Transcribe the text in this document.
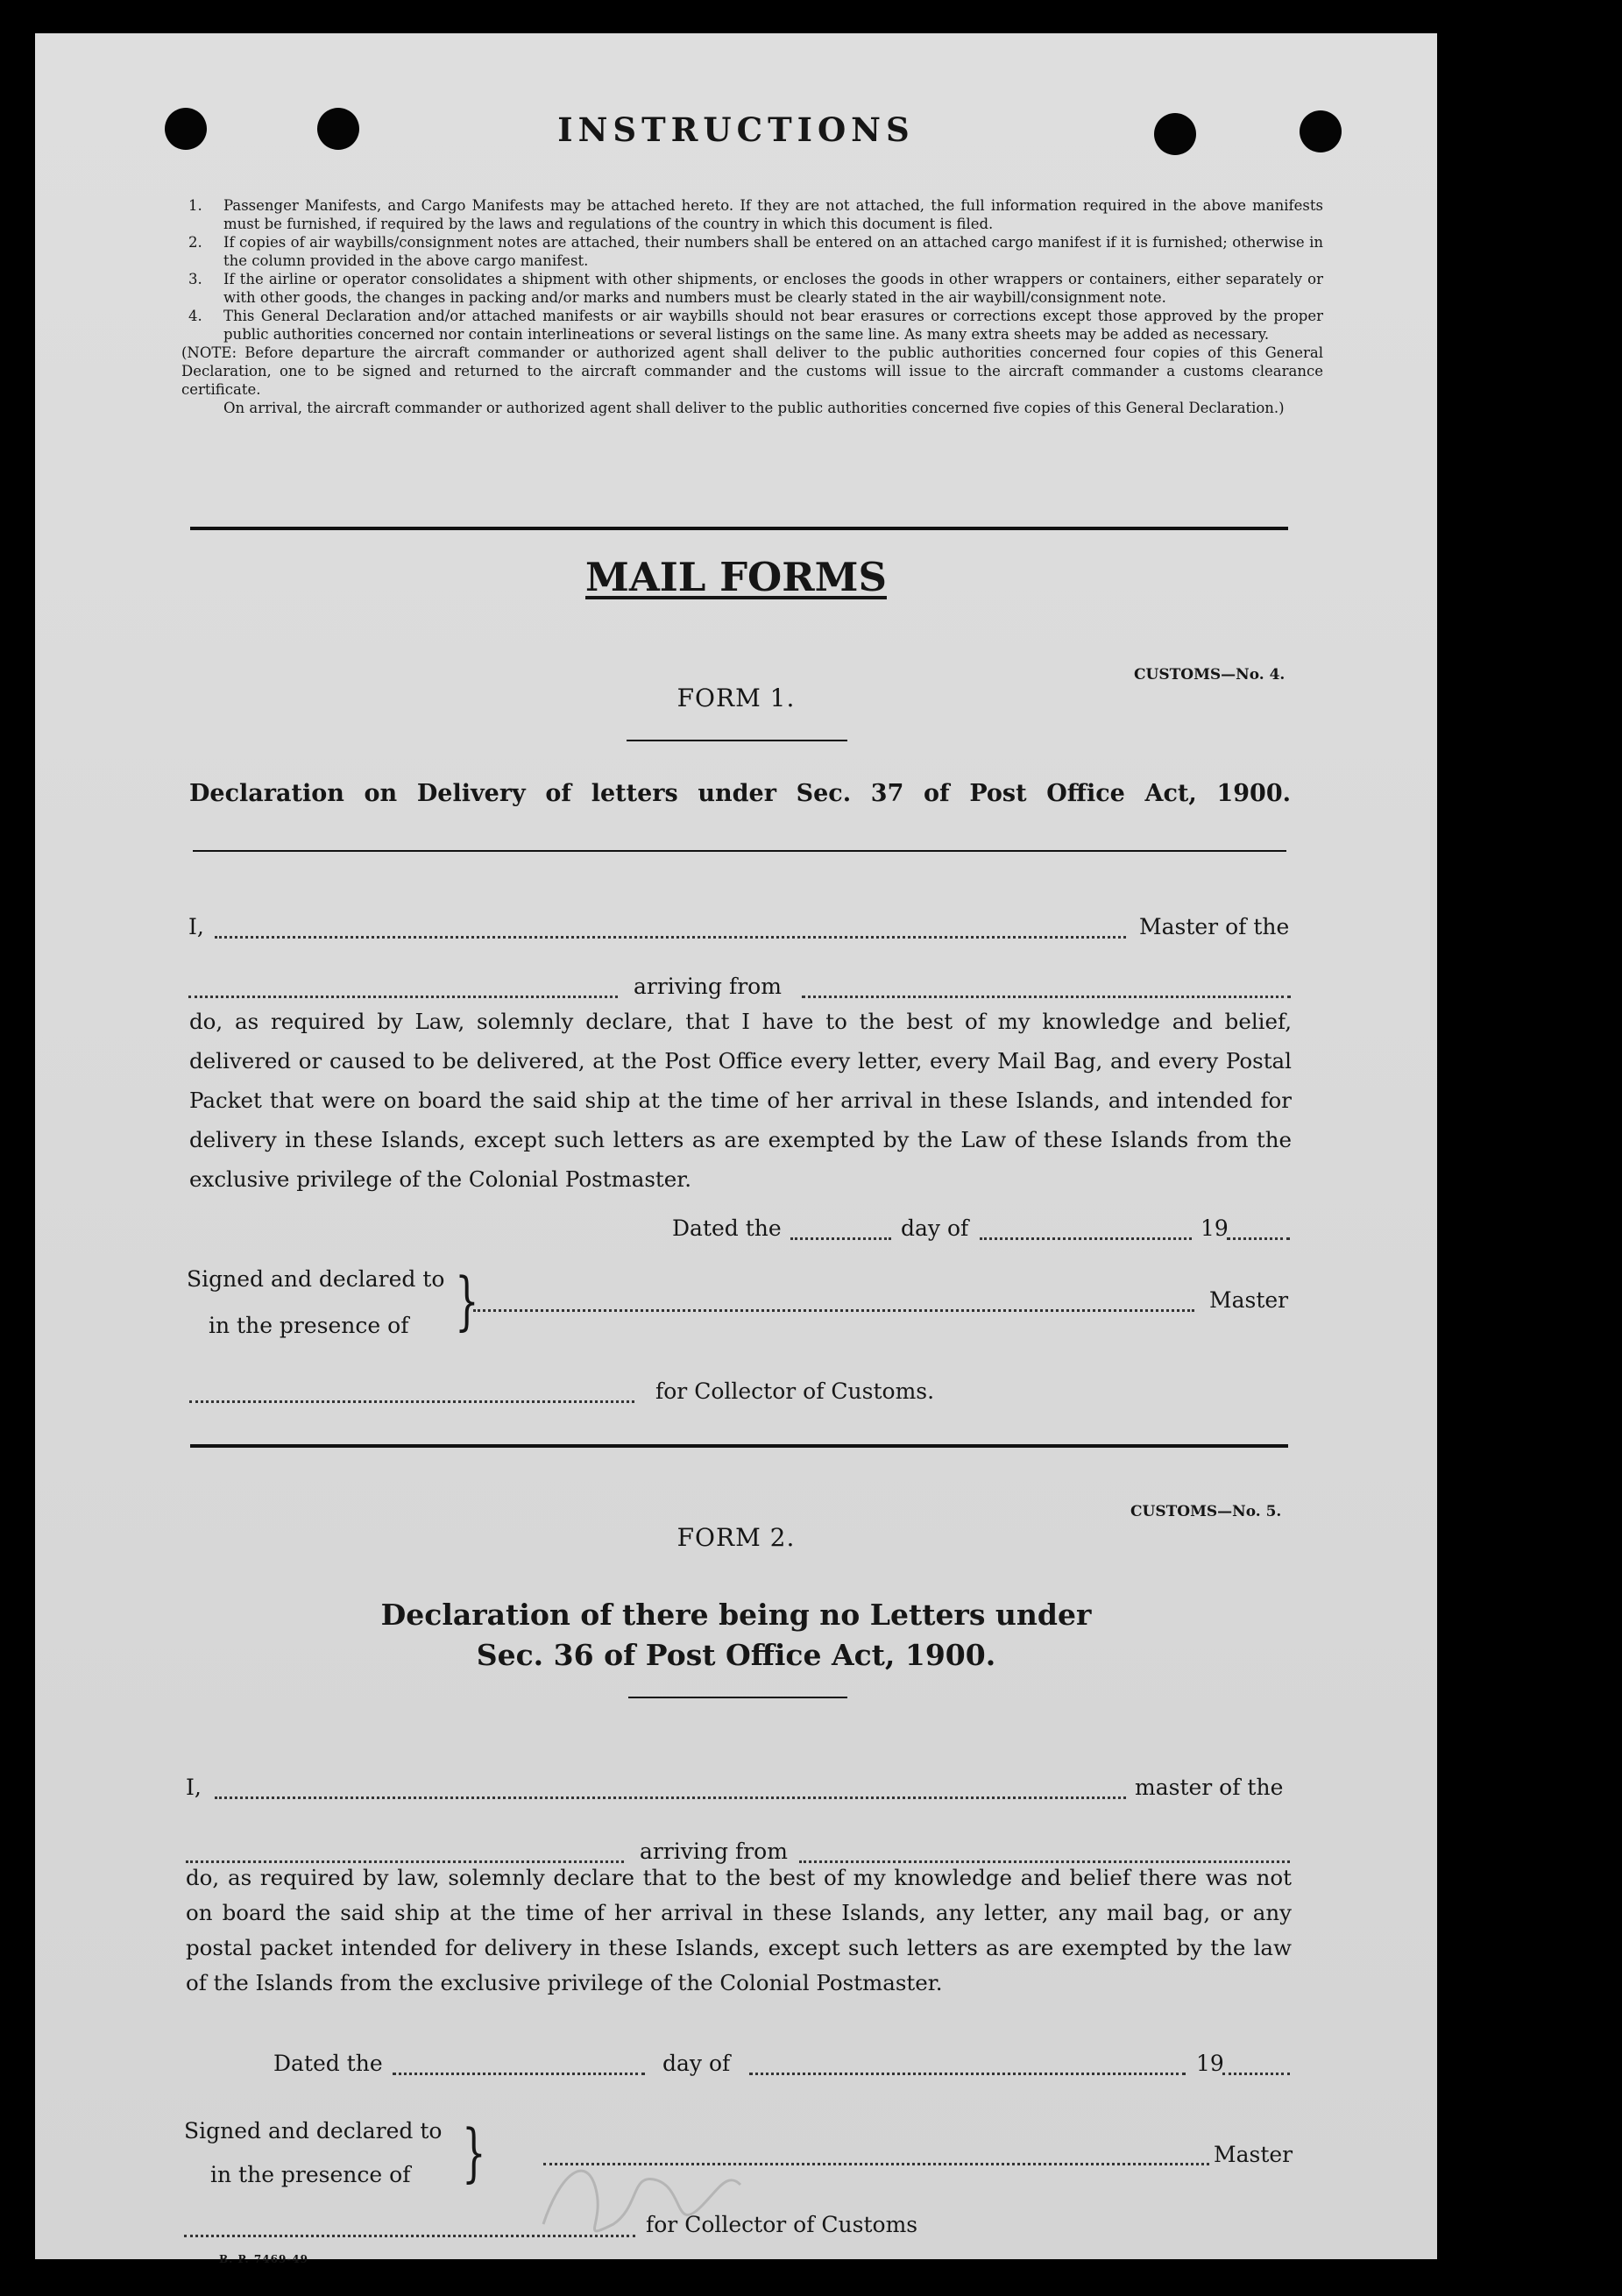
INSTRUCTIONS
1. Passenger Manifests, and Cargo Manifests may be attached hereto. If they are not attached, the full information required in the above manifests must be furnished, if required by the laws and regulations of the country in which this document is filed.
2. If copies of air waybills/consignment notes are attached, their numbers shall be entered on an attached cargo manifest if it is furnished; otherwise in the column provided in the above cargo manifest.
3. If the airline or operator consolidates a shipment with other shipments, or encloses the goods in other wrappers or containers, either separately or with other goods, the changes in packing and/or marks and numbers must be clearly stated in the air waybill/consignment note.
4. This General Declaration and/or attached manifests or air waybills should not bear erasures or corrections except those approved by the proper public authorities concerned nor contain interlineations or several listings on the same line. As many extra sheets may be added as necessary.
(NOTE: Before departure the aircraft commander or authorized agent shall deliver to the public authorities concerned four copies of this General Declaration, one to be signed and returned to the aircraft commander and the customs will issue to the aircraft commander a customs clearance certificate.
On arrival, the aircraft commander or authorized agent shall deliver to the public authorities concerned five copies of this General Declaration.)
MAIL FORMS
CUSTOMS—No. 4.
FORM 1.
Declaration on Delivery of letters under Sec. 37 of Post Office Act, 1900.
I,	Master of the
arriving from
do, as required by Law, solemnly declare, that I have to the best of my knowledge and belief, delivered or caused to be delivered, at the Post Office every letter, every Mail Bag, and every Postal Packet that were on board the said ship at the time of her arrival in these Islands, and intended for delivery in these Islands, except such letters as are exempted by the Law of these Islands from the exclusive privilege of the Colonial Postmaster.
Dated the	day of	19
Signed and declared to
in the presence of }	Master
for Collector of Customs.
CUSTOMS—No. 5.
FORM 2.
Declaration of there being no Letters under
Sec. 36 of Post Office Act, 1900.
I,	master of the
arriving from
do, as required by law, solemnly declare that to the best of my knowledge and belief there was not on board the said ship at the time of her arrival in these Islands, any letter, any mail bag, or any postal packet intended for delivery in these Islands, except such letters as are exempted by the law of the Islands from the exclusive privilege of the Colonial Postmaster.
Dated the	day of	19
Signed and declared to
in the presence of }	Master
for Collector of Customs
B. P. 7469-49
